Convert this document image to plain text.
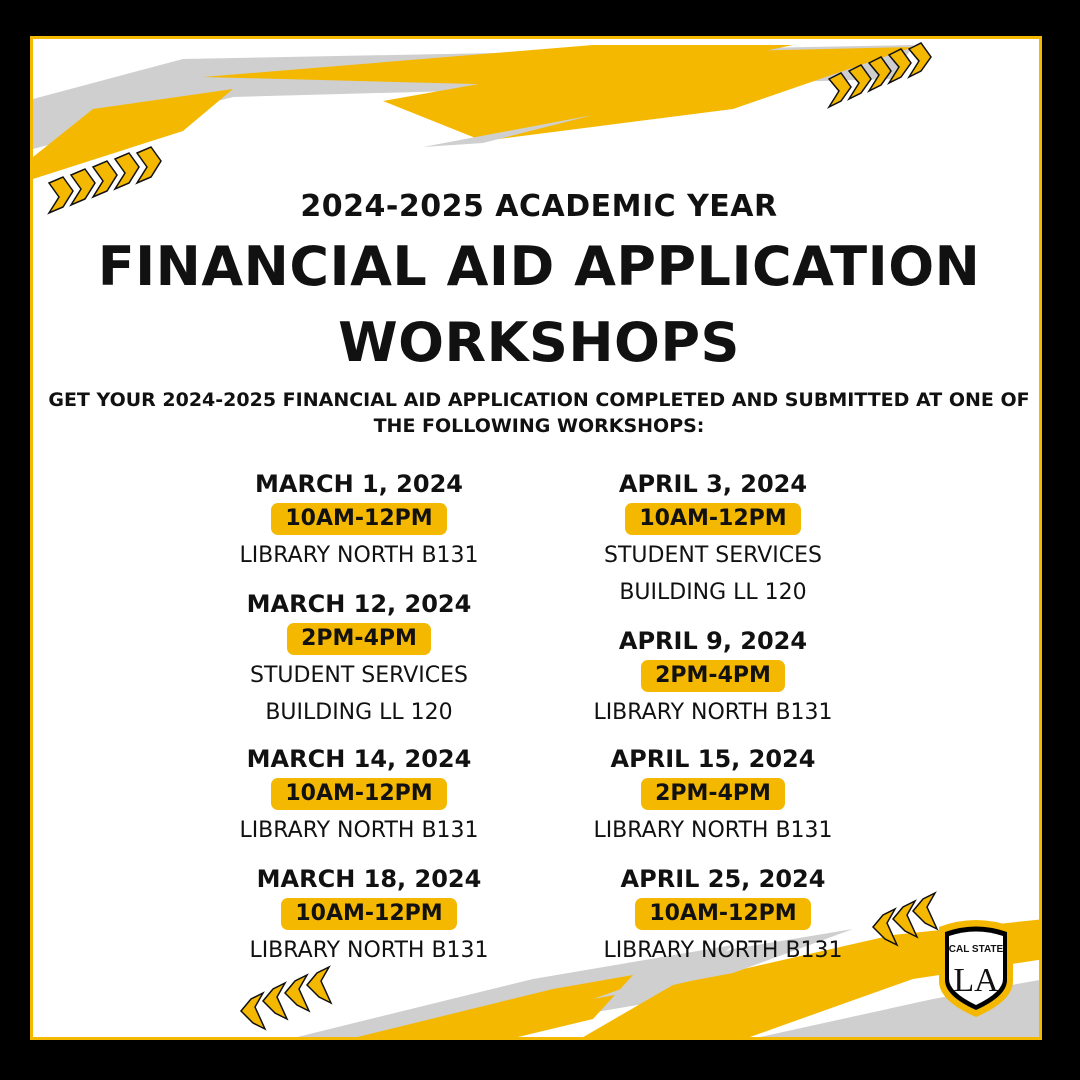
2024-2025 ACADEMIC YEAR
FINANCIAL AID APPLICATION
WORKSHOPS
GET YOUR 2024-2025 FINANCIAL AID APPLICATION COMPLETED AND SUBMITTED AT ONE OF THE FOLLOWING WORKSHOPS:
MARCH 1, 2024
10AM-12PM
LIBRARY NORTH B131
MARCH 12, 2024
2PM-4PM
STUDENT SERVICES
BUILDING LL 120
MARCH 14, 2024
10AM-12PM
LIBRARY NORTH B131
MARCH 18, 2024
10AM-12PM
LIBRARY NORTH B131
APRIL 3, 2024
10AM-12PM
STUDENT SERVICES
BUILDING LL 120
APRIL 9, 2024
2PM-4PM
LIBRARY NORTH B131
APRIL 15, 2024
2PM-4PM
LIBRARY NORTH B131
APRIL 25, 2024
10AM-12PM
LIBRARY NORTH B131	CAL STATE
LA
